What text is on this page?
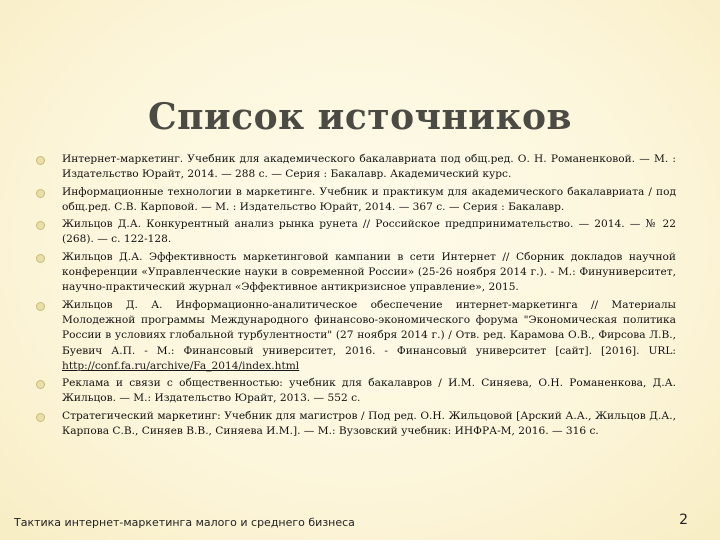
Список источников
Интернет-маркетинг. Учебник для академического бакалавриата под общ.ред. О. Н. Романенковой. — М. : Издательство Юрайт, 2014. — 288 с. — Серия : Бакалавр. Академический курс.
Информационные технологии в маркетинге. Учебник и практикум для академического бакалавриата / под общ.ред. С.В. Карповой. — М. : Издательство Юрайт, 2014. — 367 с. — Серия : Бакалавр.
Жильцов Д.А. Конкурентный анализ рынка рунета // Российское предпринимательство. — 2014. — № 22 (268). — с. 122-128.
Жильцов Д.А. Эффективность маркетинговой кампании в сети Интернет // Сборник докладов научной конференции «Управленческие науки в современной России» (25-26 ноября 2014 г.). - М.: Финуниверситет, научно-практический журнал «Эффективное антикризисное управление», 2015.
Жильцов Д. А. Информационно-аналитическое обеспечение интернет-маркетинга // Материалы Молодежной программы Международного финансово-экономического форума "Экономическая политика России в условиях глобальной турбулентности" (27 ноября 2014 г.) / Отв. ред. Карамова О.В., Фирсова Л.В., Буевич А.П. - М.: Финансовый университет, 2016. - Финансовый университет [сайт]. [2016]. URL: http://conf.fa.ru/archive/Fa_2014/index.html
Реклама и связи с общественностью: учебник для бакалавров / И.М. Синяева, О.Н. Романенкова, Д.А. Жильцов. — М.: Издательство Юрайт, 2013. — 552 с.
Стратегический маркетинг: Учебник для магистров / Под ред. О.Н. Жильцовой [Арский А.А., Жильцов Д.А., Карпова С.В., Синяев В.В., Синяева И.М.]. — М.: Вузовский учебник: ИНФРА-М, 2016. — 316 с.
Тактика интернет-маркетинга малого и среднего бизнеса	2
